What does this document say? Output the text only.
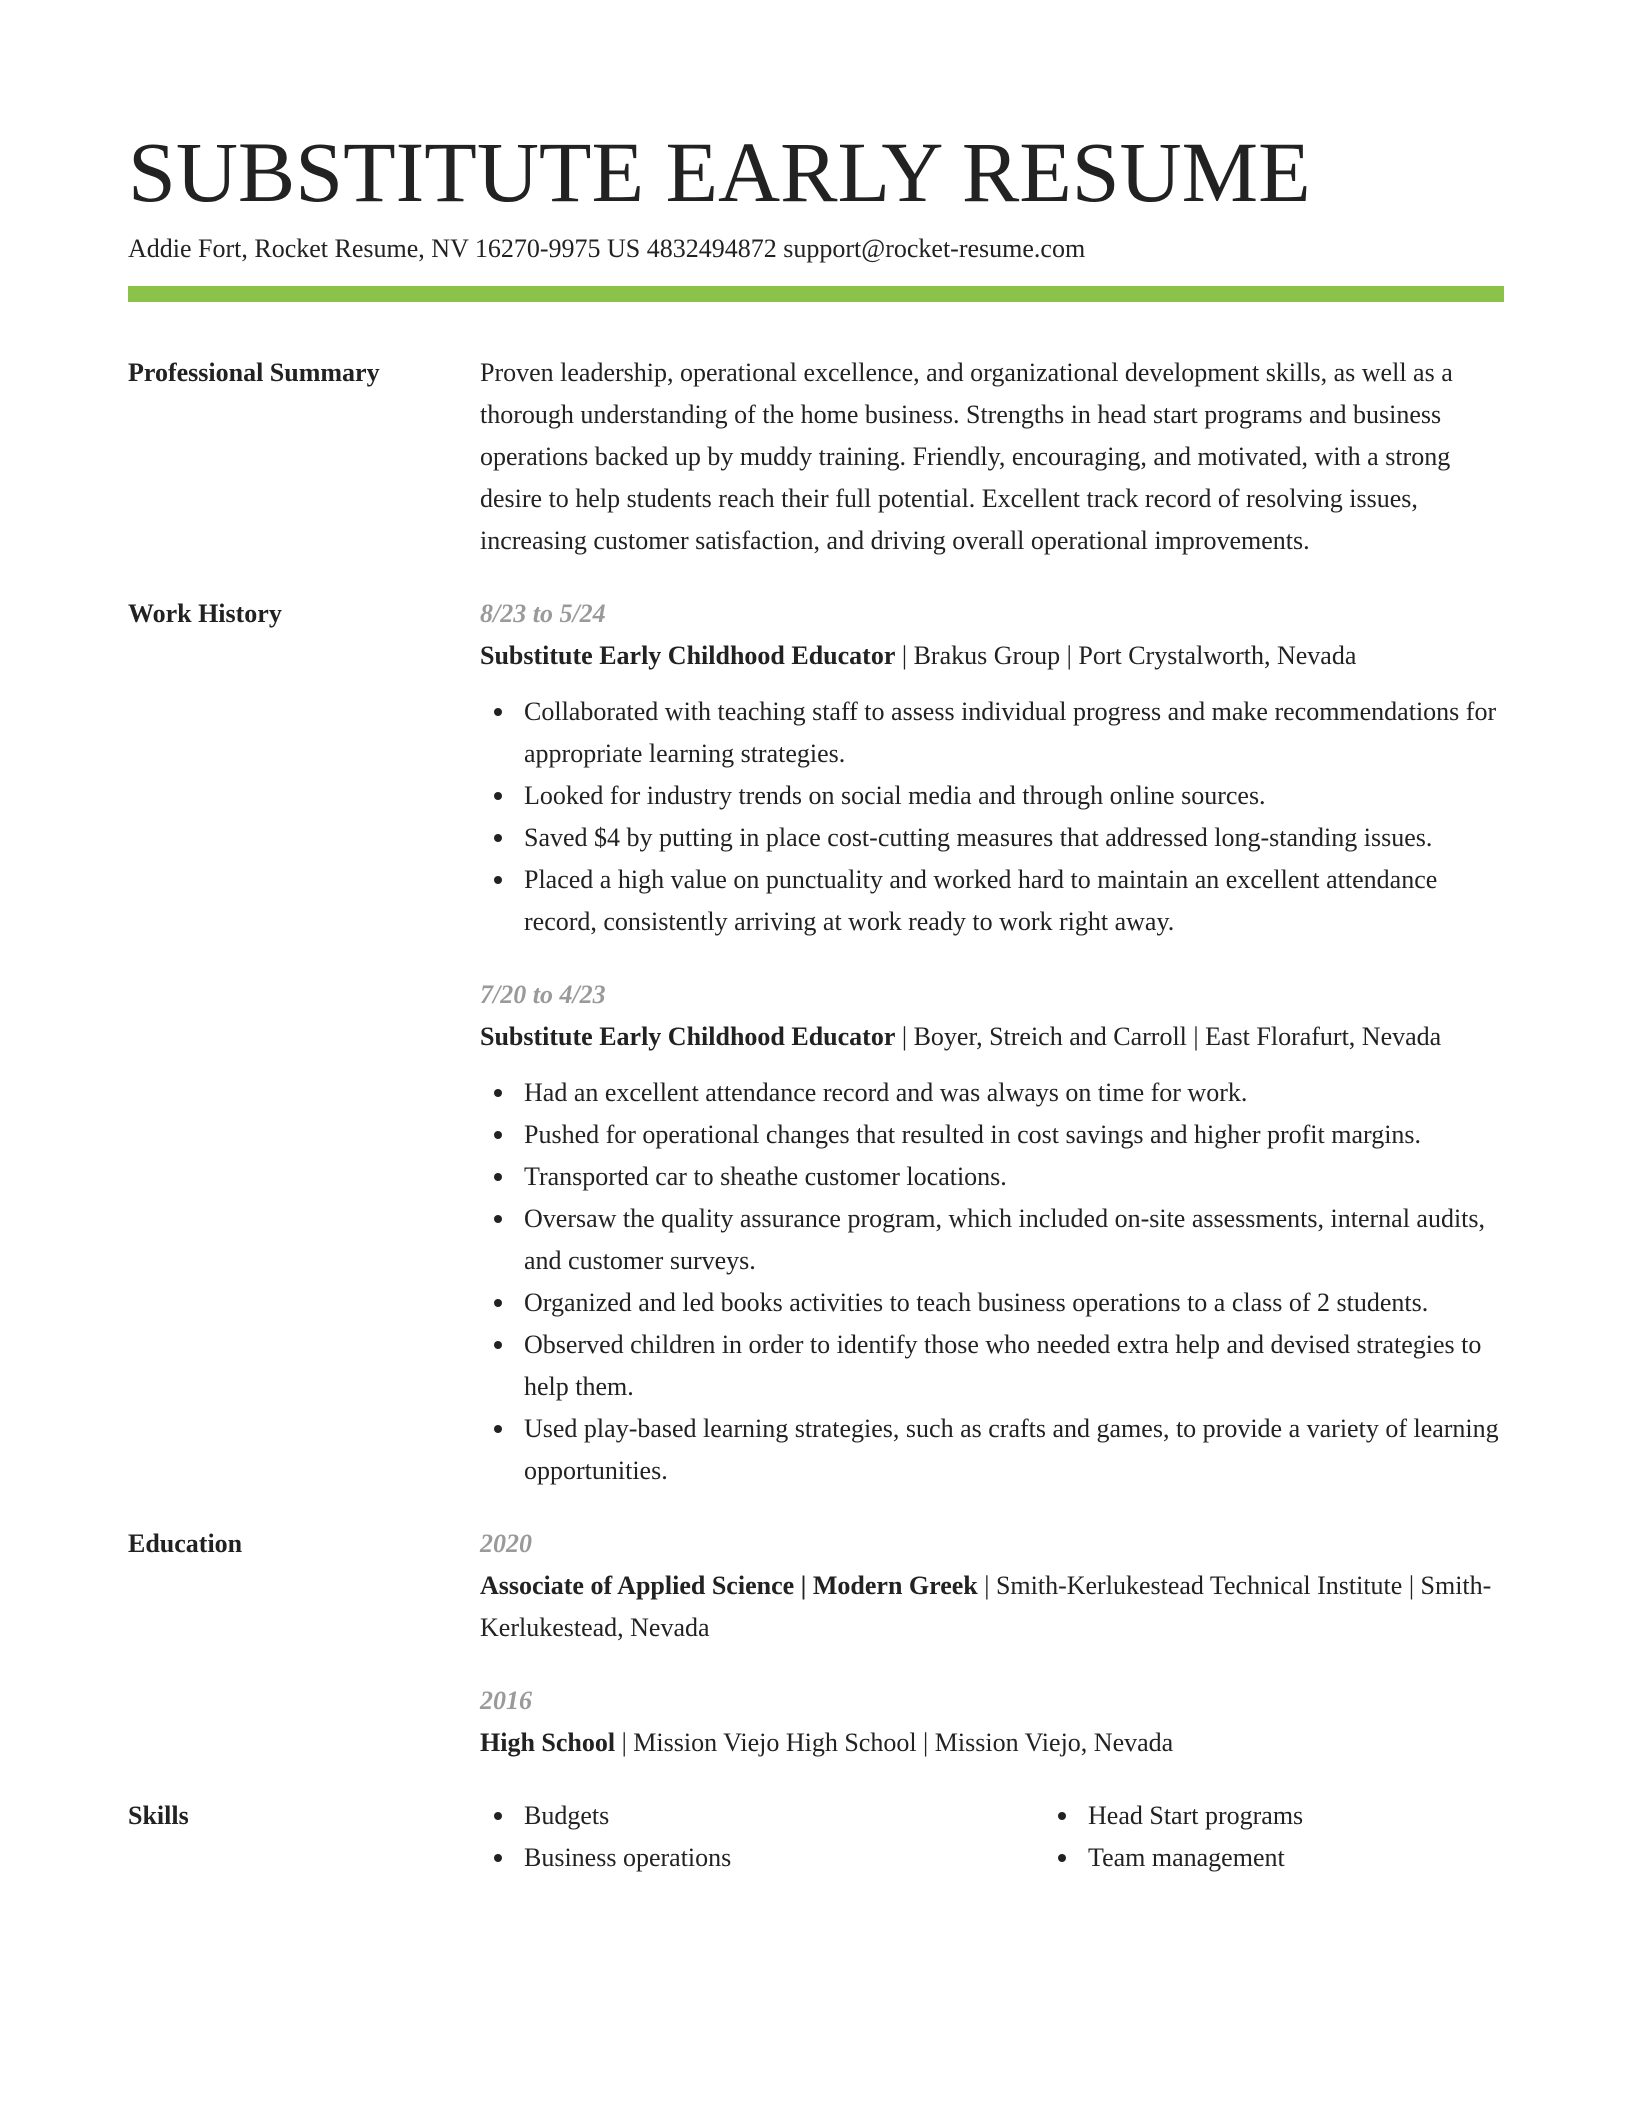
SUBSTITUTE EARLY RESUME
Addie Fort, Rocket Resume, NV 16270-9975 US 4832494872 support@rocket-resume.com
Professional Summary	Proven leadership, operational excellence, and organizational development skills, as well as a thorough understanding of the home business. Strengths in head start programs and business operations backed up by muddy training. Friendly, encouraging, and motivated, with a strong desire to help students reach their full potential. Excellent track record of resolving issues, increasing customer satisfaction, and driving overall operational improvements.
Work History	8/23 to 5/24
Substitute Early Childhood Educator | Brakus Group | Port Crystalworth, Nevada
Collaborated with teaching staff to assess individual progress and make recommendations for appropriate learning strategies.
Looked for industry trends on social media and through online sources.
Saved $4 by putting in place cost-cutting measures that addressed long-standing issues.
Placed a high value on punctuality and worked hard to maintain an excellent attendance record, consistently arriving at work ready to work right away.
7/20 to 4/23
Substitute Early Childhood Educator | Boyer, Streich and Carroll | East Florafurt, Nevada
Had an excellent attendance record and was always on time for work.
Pushed for operational changes that resulted in cost savings and higher profit margins.
Transported car to sheathe customer locations.
Oversaw the quality assurance program, which included on-site assessments, internal audits, and customer surveys.
Organized and led books activities to teach business operations to a class of 2 students.
Observed children in order to identify those who needed extra help and devised strategies to help them.
Used play-based learning strategies, such as crafts and games, to provide a variety of learning opportunities.
Education	2020
Associate of Applied Science | Modern Greek | Smith-Kerlukestead Technical Institute | Smith-Kerlukestead, Nevada
2016
High School | Mission Viejo High School | Mission Viejo, Nevada
Skills	Budgets
Business operations
Head Start programs
Team management
